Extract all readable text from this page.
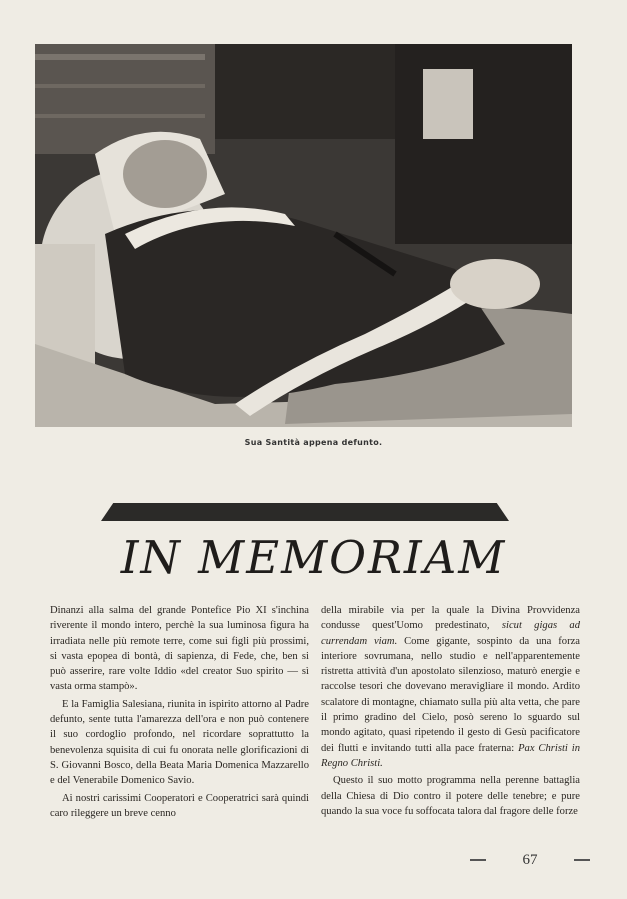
Sua Santità appena defunto.
IN MEMORIAM

Dinanzi alla salma del grande Pontefice Pio XI s'inchina riverente il mondo intero, perchè la sua luminosa figura ha irradiata nelle più remote terre, come sui figli più prossimi, si vasta epopea di bontà, di sapienza, di Fede, che, ben si può asserire, rare volte Iddio «del creator Suo spirito — sì vasta orma stampò».

E la Famiglia Salesiana, riunita in ispirito attorno al Padre defunto, sente tutta l'amarezza dell'ora e non può contenere il suo cordoglio profondo, nel ricordare soprattutto la benevolenza squisita di cui fu onorata nelle glorificazioni di S. Giovanni Bosco, della Beata Maria Domenica Mazzarello e del Venerabile Domenico Savio.

Ai nostri carissimi Cooperatori e Cooperatrici sarà quindi caro rileggere un breve cenno

della mirabile via per la quale la Divina Provvidenza condusse quest'Uomo predestinato, sicut gigas ad currendam viam. Come gigante, sospinto da una forza interiore sovrumana, nello studio e nell'apparentemente ristretta attività d'un apostolato silenzioso, maturò energie e raccolse tesori che dovevano meravigliare il mondo. Ardito scalatore di montagne, chiamato sulla più alta vetta, che pare il primo gradino del Cielo, posò sereno lo sguardo sul mondo agitato, quasi ripetendo il gesto di Gesù pacificatore dei flutti e invitando tutti alla pace fraterna: Pax Christi in Regno Christi.

Questo il suo motto programma nella perenne battaglia della Chiesa di Dio contro il potere delle tenebre; e pure quando la sua voce fu soffocata talora dal fragore delle forze

67
